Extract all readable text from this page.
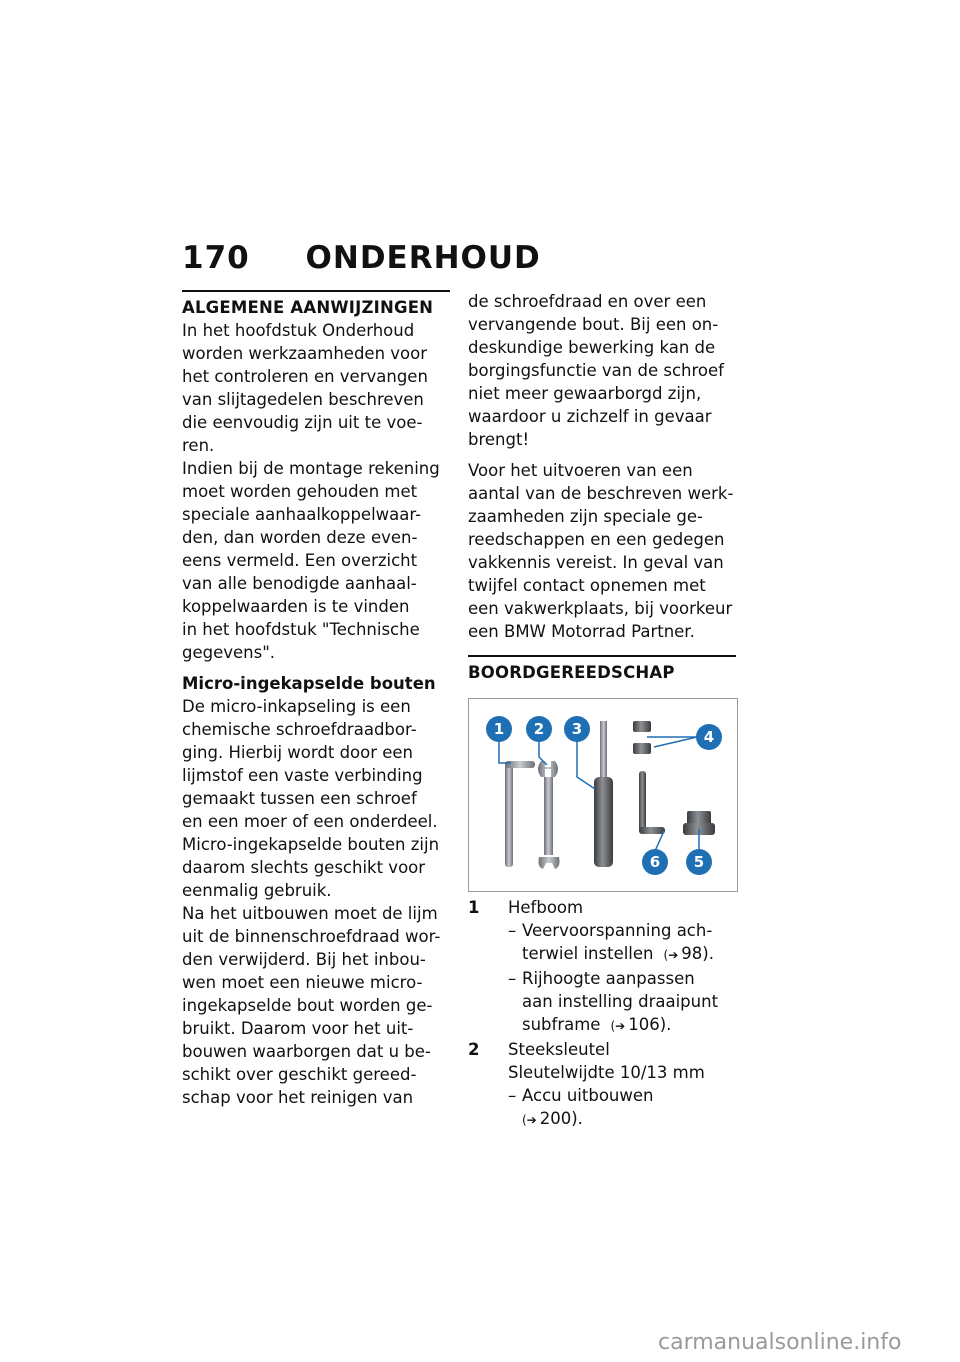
170 ONDERHOUD
ALGEMENE AANWIJZINGEN

In het hoofdstuk Onderhoud
worden werkzaamheden voor
het controleren en vervangen
van slijtagedelen beschreven
die eenvoudig zijn uit te voe-
ren.

Indien bij de montage rekening
moet worden gehouden met
speciale aanhaalkoppelwaar-
den, dan worden deze even-
eens vermeld. Een overzicht
van alle benodigde aanhaal-
koppelwaarden is te vinden
in het hoofdstuk "Technische
gegevens".

Micro-ingekapselde bouten

De micro-inkapseling is een
chemische schroefdraadbor-
ging. Hierbij wordt door een
lijmstof een vaste verbinding
gemaakt tussen een schroef
en een moer of een onderdeel.
Micro-ingekapselde bouten zijn
daarom slechts geschikt voor
eenmalig gebruik.

Na het uitbouwen moet de lijm
uit de binnenschroefdraad wor-
den verwijderd. Bij het inbou-
wen moet een nieuwe micro-
ingekapselde bout worden ge-
bruikt. Daarom voor het uit-
bouwen waarborgen dat u be-
schikt over geschikt gereed-
schap voor het reinigen van

de schroefdraad en over een
vervangende bout. Bij een on-
deskundige bewerking kan de
borgingsfunctie van de schroef
niet meer gewaarborgd zijn,
waardoor u zichzelf in gevaar
brengt!

Voor het uitvoeren van een
aantal van de beschreven werk-
zaamheden zijn speciale ge-
reedschappen en een gedegen
vakkennis vereist. In geval van
twijfel contact opnemen met
een vakwerkplaats, bij voorkeur
een BMW Motorrad Partner.

BOORDGEREEDSCHAP
1 2 3	4
5
6
1 Hefboom
– Veervoorspanning ach-
terwiel instellen (➔ 98).
– Rijhoogte aanpassen
aan instelling draaipunt
subframe (➔ 106).
2 Steeksleutel
Sleutelwijdte 10/13 mm
– Accu uitbouwen
(➔ 200).
carmanualsonline.info
